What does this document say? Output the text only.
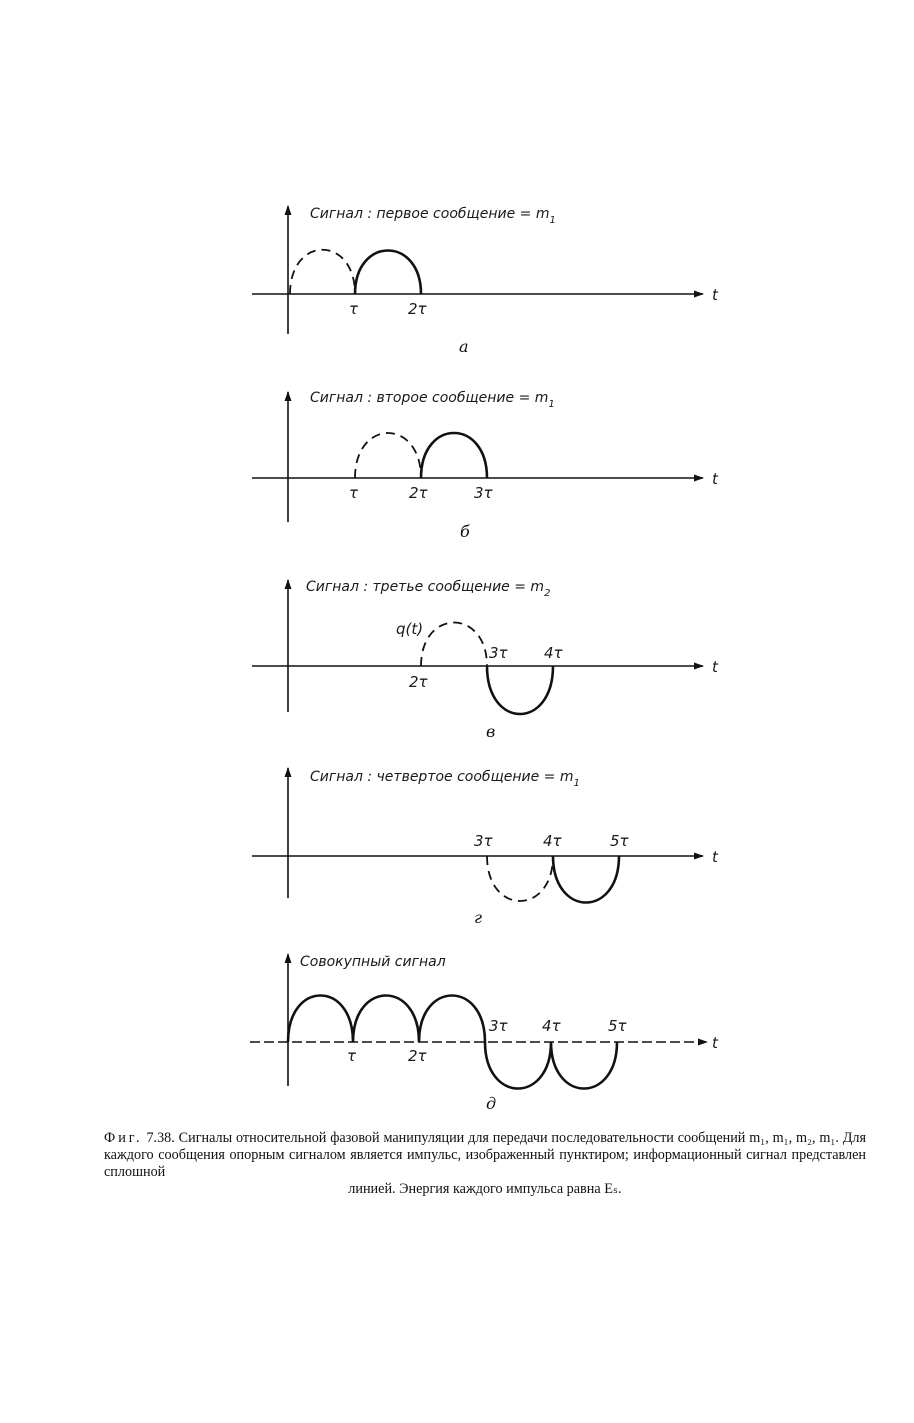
Сигнал : первое сообщение = $m_1$
τ	2τ
t
а
Сигнал : второе сообщение = $m_1$
τ	2τ	3τ
t
б
Сигнал : третье сообщение = $m_2$
q(t)
2τ
3τ 4τ
t
в
Сигнал : четвертое сообщение = $m_1$
3τ	4τ	5τ
t
г
Совокупный сигнал
τ	2τ
3τ 4τ	5τ
t
д

Фиг. 7.38. Сигналы относительной фазовой манипуляции для передачи последовательности сообщений m₁, m₁, m₂, m₁. Для каждого сообщения опорным сигналом является импульс, изображенный пунктиром; информационный сигнал представлен сплошной
линией. Энергия каждого импульса равна Eₛ.
